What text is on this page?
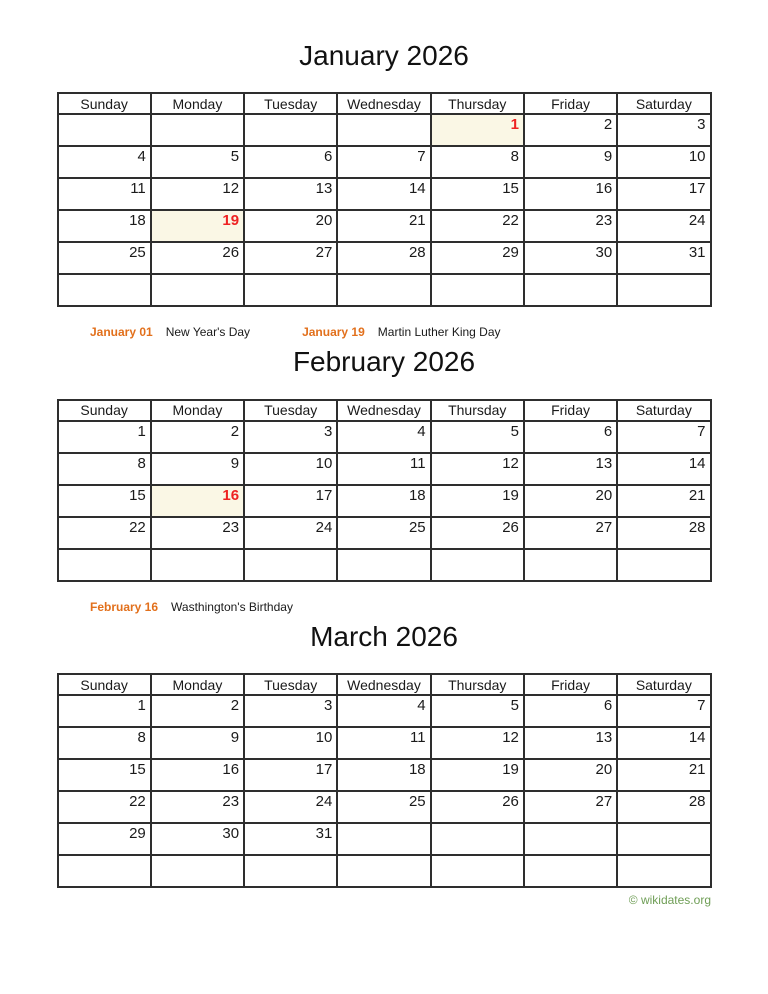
January 2026
Sunday	Monday	Tuesday	Wednesday	Thursday	Friday	Saturday
				1	2	3
4	5	6	7	8	9	10
11	12	13	14	15	16	17
18	19	20	21	22	23	24
25	26	27	28	29	30	31

January 01 New Year's Day	January 19 Martin Luther King Day
February 2026
Sunday	Monday	Tuesday	Wednesday	Thursday	Friday	Saturday
1	2	3	4	5	6	7
8	9	10	11	12	13	14
15	16	17	18	19	20	21
22	23	24	25	26	27	28

February 16 Wasthington's Birthday
March 2026
Sunday	Monday	Tuesday	Wednesday	Thursday	Friday	Saturday
1	2	3	4	5	6	7
8	9	10	11	12	13	14
15	16	17	18	19	20	21
22	23	24	25	26	27	28
29	30	31				

© wikidates.org
